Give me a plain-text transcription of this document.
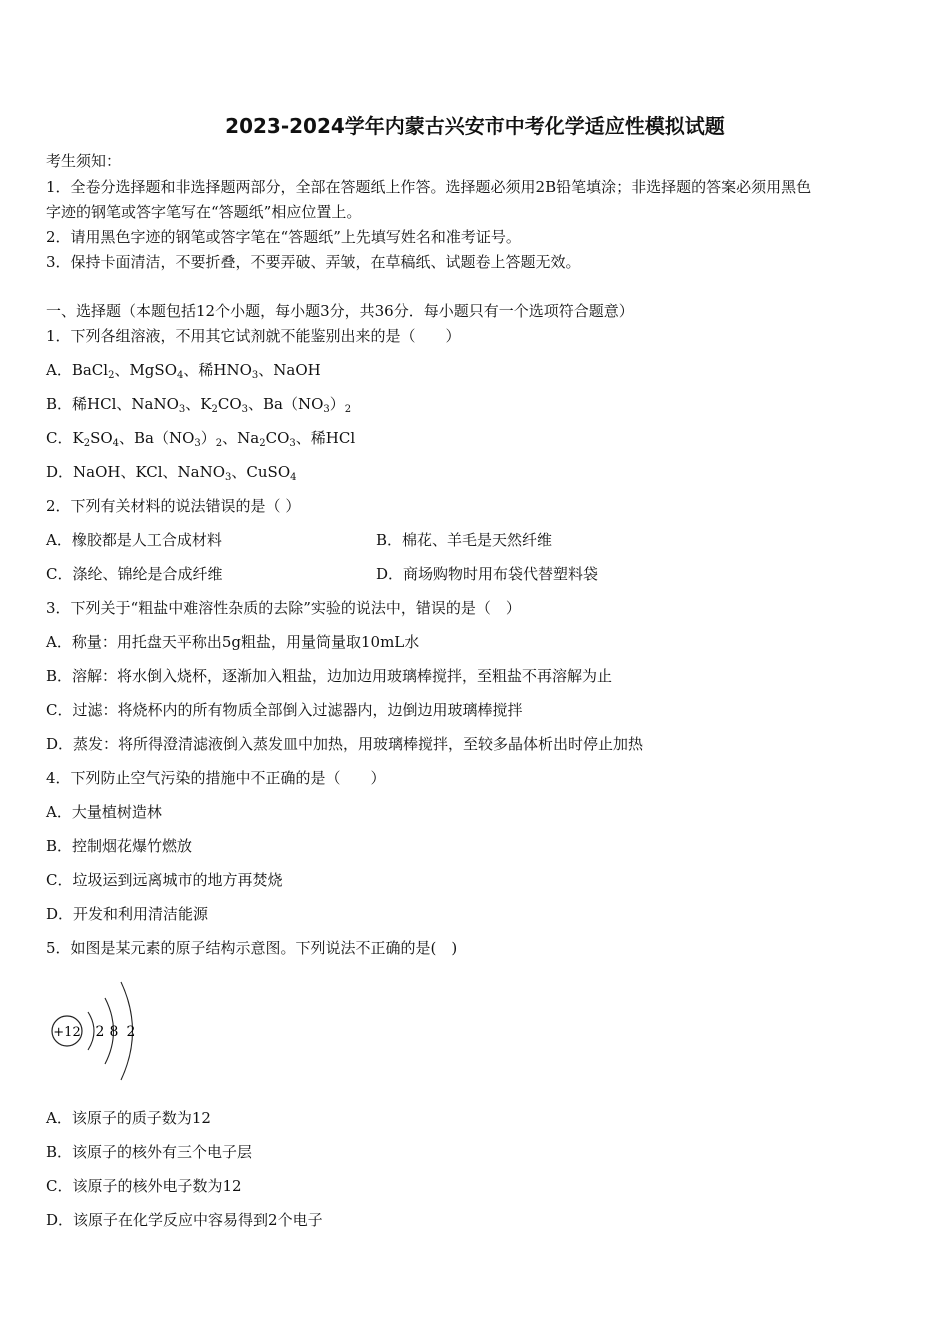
2023-2024学年内蒙古兴安市中考化学适应性模拟试题
考生须知：
1．全卷分选择题和非选择题两部分，全部在答题纸上作答。选择题必须用2B铅笔填涂；非选择题的答案必须用黑色
字迹的钢笔或答字笔写在“答题纸”相应位置上。
2．请用黑色字迹的钢笔或答字笔在“答题纸”上先填写姓名和准考证号。
3．保持卡面清洁，不要折叠，不要弄破、弄皱，在草稿纸、试题卷上答题无效。
一、选择题（本题包括12个小题，每小题3分，共36分．每小题只有一个选项符合题意）
1．下列各组溶液，不用其它试剂就不能鉴别出来的是（　　）
A．BaCl$_2$、MgSO$_4$、稀$HNO_3$、NaOH
B．稀HCl、NaNO$_3$、$K_2CO_3$、$Ba(NO_3)_2$
C．$K_2SO_4$、$Ba(NO_3)_2$、$Na_2CO_3$、稀HCl
D．NaOH、KCl、NaNO$_3$、CuSO$_4$
2．下列有关材料的说法错误的是（ ）
A．橡胶都是人工合成材料	B．棉花、羊毛是天然纤维
C．涤纶、锦纶是合成纤维	D．商场购物时用布袋代替塑料袋
3．下列关于“粗盐中难溶性杂质的去除”实验的说法中，错误的是（　）
A．称量：用托盘天平称出5g粗盐，用量筒量取10mL水
B．溶解：将水倒入烧杯，逐渐加入粗盐，边加边用玻璃棒搅拌，至粗盐不再溶解为止
C．过滤：将烧杯内的所有物质全部倒入过滤器内，边倒边用玻璃棒搅拌
D．蒸发：将所得澄清滤液倒入蒸发皿中加热，用玻璃棒搅拌，至较多晶体析出时停止加热
4．下列防止空气污染的措施中不正确的是（　　）
A．大量植树造林
B．控制烟花爆竹燃放
C．垃圾运到远离城市的地方再焚烧
D．开发和利用清洁能源
5．如图是某元素的原子结构示意图。下列说法不正确的是(　)
+12 2 8 2
A．该原子的质子数为12
B．该原子的核外有三个电子层
C．该原子的核外电子数为12
D．该原子在化学反应中容易得到2个电子
